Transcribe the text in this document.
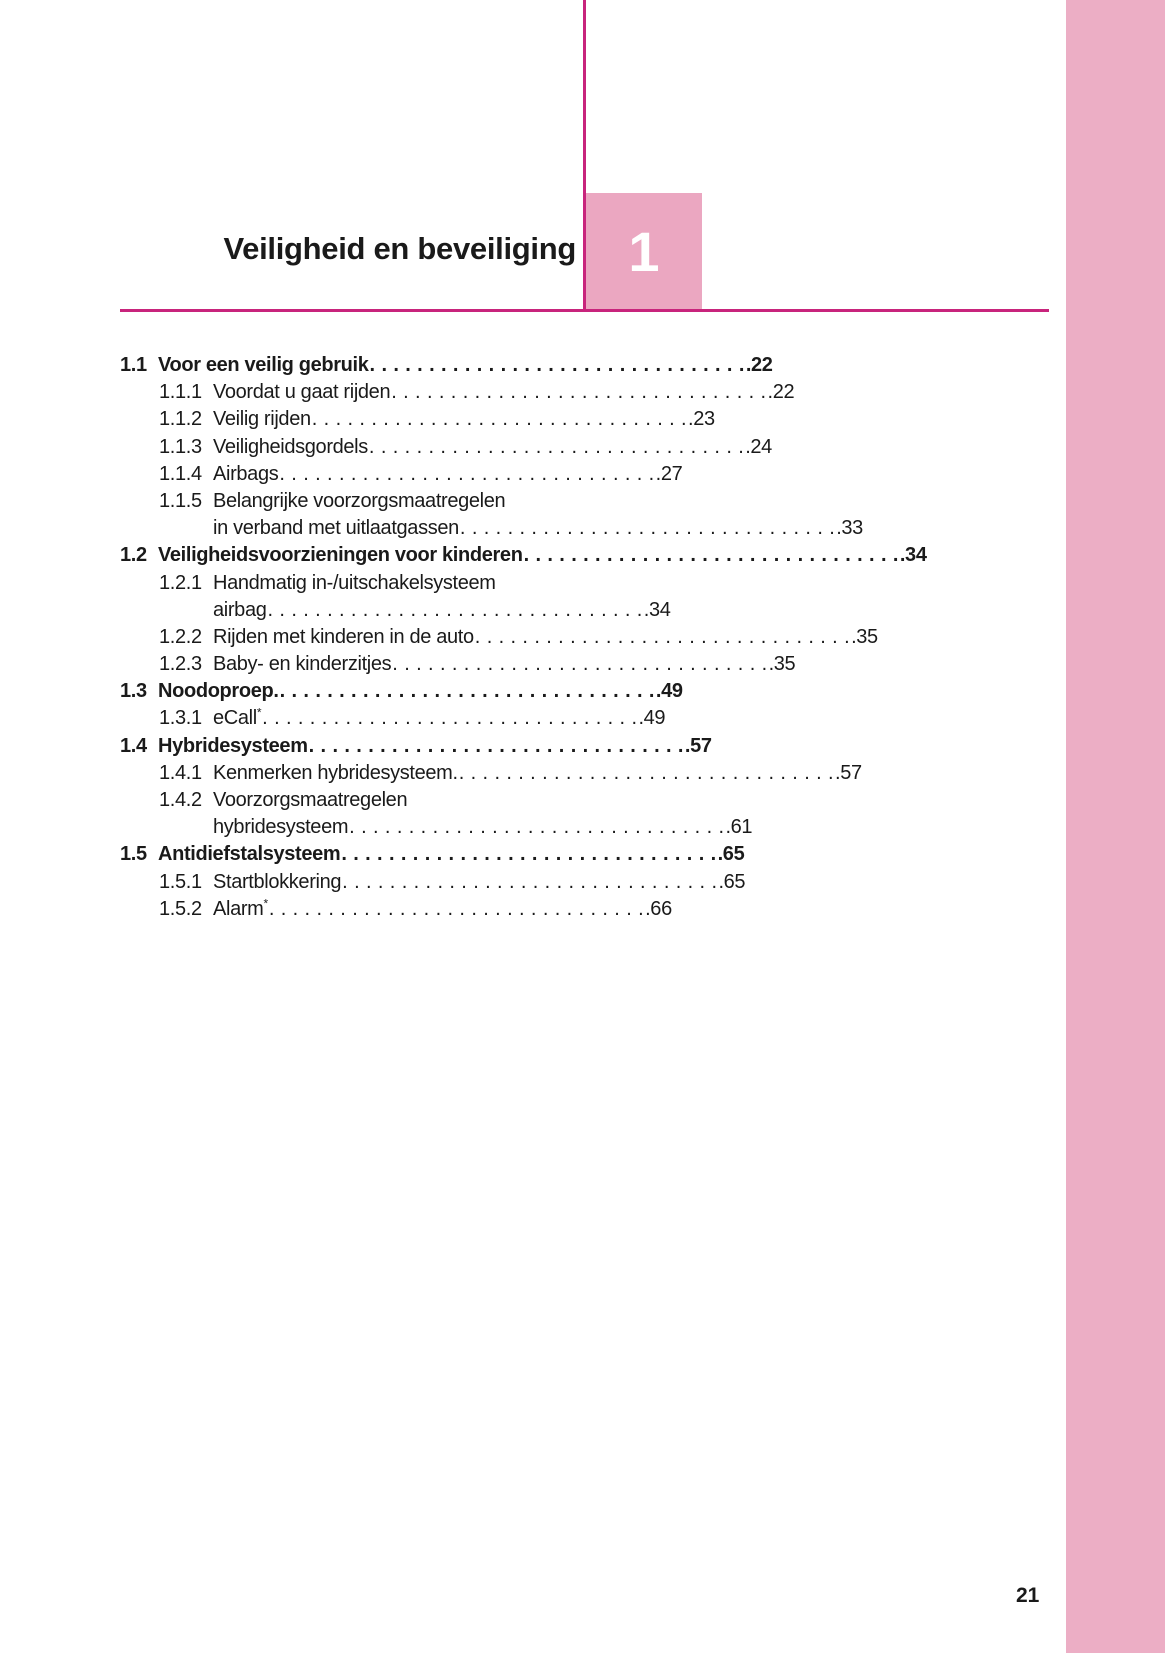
1
Veiligheid en beveiliging
1.1 Voor een veilig gebruik . . . . . . . . . . . . . . . . . . . . . . . . . . . . . . . . .22
1.1.1 Voordat u gaat rijden . . . . . . . . . . . . . . . . . . . . . . . . . . . . . . . . .22
1.1.2 Veilig rijden . . . . . . . . . . . . . . . . . . . . . . . . . . . . . . . . .23
1.1.3 Veiligheidsgordels . . . . . . . . . . . . . . . . . . . . . . . . . . . . . . . . .24
1.1.4 Airbags . . . . . . . . . . . . . . . . . . . . . . . . . . . . . . . . .27
1.1.5 Belangrijke voorzorgsmaatregelen
in verband met uitlaatgassen . . . . . . . . . . . . . . . . . . . . . . . . . . . . . . . . .33
1.2 Veiligheidsvoorzieningen voor kinderen . . . . . . . . . . . . . . . . . . . . . . . . . . . . . . . . .34
1.2.1 Handmatig in-/uitschakelsysteem
airbag . . . . . . . . . . . . . . . . . . . . . . . . . . . . . . . . .34
1.2.2 Rijden met kinderen in de auto . . . . . . . . . . . . . . . . . . . . . . . . . . . . . . . . .35
1.2.3 Baby- en kinderzitjes . . . . . . . . . . . . . . . . . . . . . . . . . . . . . . . . .35
1.3 Noodoproep. . . . . . . . . . . . . . . . . . . . . . . . . . . . . . . . . .49
1.3.1 eCall* . . . . . . . . . . . . . . . . . . . . . . . . . . . . . . . . .49
1.4 Hybridesysteem . . . . . . . . . . . . . . . . . . . . . . . . . . . . . . . . .57
1.4.1 Kenmerken hybridesysteem. . . . . . . . . . . . . . . . . . . . . . . . . . . . . . . . . .57
1.4.2 Voorzorgsmaatregelen
hybridesysteem . . . . . . . . . . . . . . . . . . . . . . . . . . . . . . . . .61
1.5 Antidiefstalsysteem . . . . . . . . . . . . . . . . . . . . . . . . . . . . . . . . .65
1.5.1 Startblokkering . . . . . . . . . . . . . . . . . . . . . . . . . . . . . . . . .65
1.5.2 Alarm* . . . . . . . . . . . . . . . . . . . . . . . . . . . . . . . . .66
21
